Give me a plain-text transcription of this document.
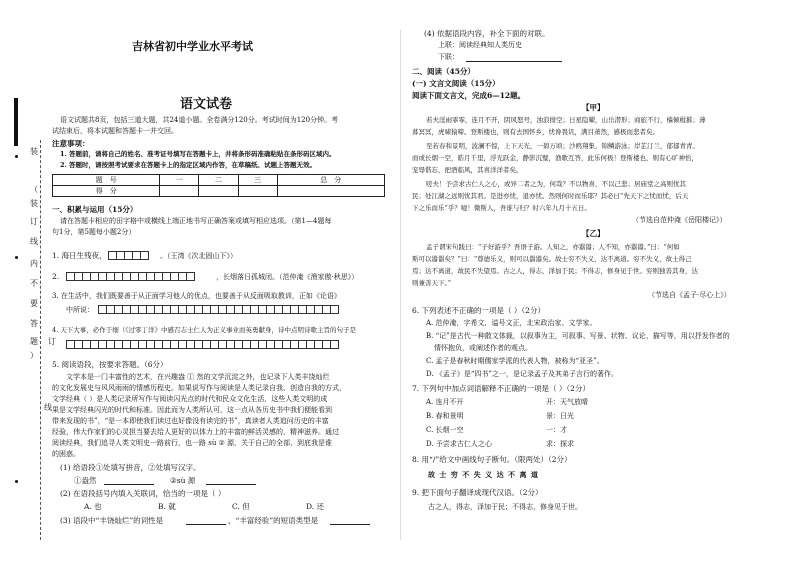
装
（
装
订
线
内
不
要
答
题
）
订
线
吉林省初中学业水平考试
语文试卷
语文试题共8页，包括三道大题，共24道小题。全卷满分120分。考试时间为120分钟。考
试结束后，将本试题和答题卡一并交回。
注意事项：
1. 答题前，请将自己的姓名、准考证号填写在答题卡上，并将条形码准确粘贴在条形码区域内。
2. 答题时，请按照考试要求在答题卡上的指定区域内作答，在草稿纸、试题上答题无效。
题　号	一	二	三	总　分
得　分				
一、积累与运用（15分）
请在答题卡相应的田字格中或横线上端正地书写正确答案或填写相应选项。（第1—4题每
句1分，第5题每小题2分）
1. 海日生残夜，	。（王湾《次北固山下》）
2.	，长烟落日孤城闭。（范仲淹《渔家傲·秋思》）
3. 在生活中，我们既要善于从正面学习他人的优点，也要善于从反面吸取教训，正如《论语》
中所说：
4. 天下大事，必作于细（《过零丁洋》中感召志士仁人为正义事业而英勇献身，诗中点明诗歌主旨的句子是
5. 阅读语段，按要求答题。（6分）
文学本是一门丰富性的艺术，在兴趣盎 ① 然的文学沉淀之外，也记录下人类丰饶灿烂
的文化发展史与风风雨雨的情感历程史。如果说写作与阅读是人类记录自我、创造自我的方式，
文学经典（ ）是人类记录所写作与阅读闪光点的时代和民众文化生活，这些人类文明的成
果是文学经典闪光的时代和标准。因此而为人类所认可，这一点从各历史书中我们便能看到
带来发现的书”，“是一本即使我们读过也好像没有读完的书”，真读者人类追问历史的丰富
经验，伟大作家们的心灵担当要去给人更好的以体力上的丰富的鲜活灵感的，精神滋养。通过
阅读经典，我们追寻人类文明史一路前行，也一路 sù ② 源，关于自己的全部，到底我是谁
的困惑。
(1) 给语段①处填写拼音，②处填写汉字。
①盎然	②sù 源
(2) 在语段括号内填入关联词，恰当的一项是（ ）
A. 也	B. 就	C. 但	D. 还
(3) 语段中“丰饶灿烂”的词性是	，“丰富经验”的短语类型是
(4) 依据语段内容，补全下面的对联。
上联：阅读经典知人类历史
下联：
二、阅读（45分）
(一) 文言文阅读（15分）
阅读下面文言文，完成6—12题。
【甲】
若夫淫雨霏霏，连月不开，阴风怒号，浊浪排空；日星隐曜，山岳潜形；商旅不行，樯倾楫摧；薄
暮冥冥，虎啸猿啼。登斯楼也，则有去国怀乡，忧谗畏讥，满目萧然，感极而悲者矣。
至若春和景明，波澜不惊，上下天光，一碧万顷；沙鸥翔集，锦鳞游泳；岸芷汀兰，郁郁青青。
而或长烟一空，皓月千里，浮光跃金，静影沉璧，渔歌互答，此乐何极！登斯楼也，则有心旷神怡，
宠辱偕忘，把酒临风，其喜洋洋者矣。
嗟夫！予尝求古仁人之心，或异二者之为，何哉？不以物喜，不以己悲；居庙堂之高则忧其
民；处江湖之远则忧其君。是进亦忧，退亦忧。然则何时而乐耶？其必曰“先天下之忧而忧，后天
下之乐而乐”乎？噫！微斯人，吾谁与归？时六年九月十五日。
（节选自范仲淹《岳阳楼记》）
【乙】
孟子谓宋句践曰：“子好游乎？吾语子游。人知之，亦嚣嚣；人不知，亦嚣嚣。”曰：“何如
斯可以嚣嚣矣？”曰：“尊德乐义，则可以嚣嚣矣。故士穷不失义，达不离道。穷不失义，故士得己
焉；达不离道，故民不失望焉。古之人，得志，泽加于民；不得志，修身见于世。穷则独善其身，达
则兼善天下。”
（节选自《孟子·尽心上》）
6. 下列表述不正确的一项是（ ）（2分）
A. 范仲淹，字希文，谥号文正，北宋政治家、文学家。
B. “记”是古代一种散文体裁，以叙事为主，可叙事、写景、状物、议论、描写等，用以抒发作者的
情怀抱负，或阐述作者的观点。
C. 孟子是春秋时期儒家学派的代表人物，被称为“亚圣”。
D. 《孟子》是“四书”之一，是记录孟子及其弟子言行的著作。
7. 下列句中加点词语解释不正确的一项是（ ）（2分）
A. 连月不开	开：天气放晴
B. 春和景明	景：日光
C. 长烟一空	一：才
D. 予尝求古仁人之心	求：探求
8. 用“/”给文中画线句子断句。（限两处）（2分）
故 士 穷 不 失 义 达 不 离 道
9. 把下面句子翻译成现代汉语。（2分）
古之人，得志，泽加于民；不得志，修身见于世。
